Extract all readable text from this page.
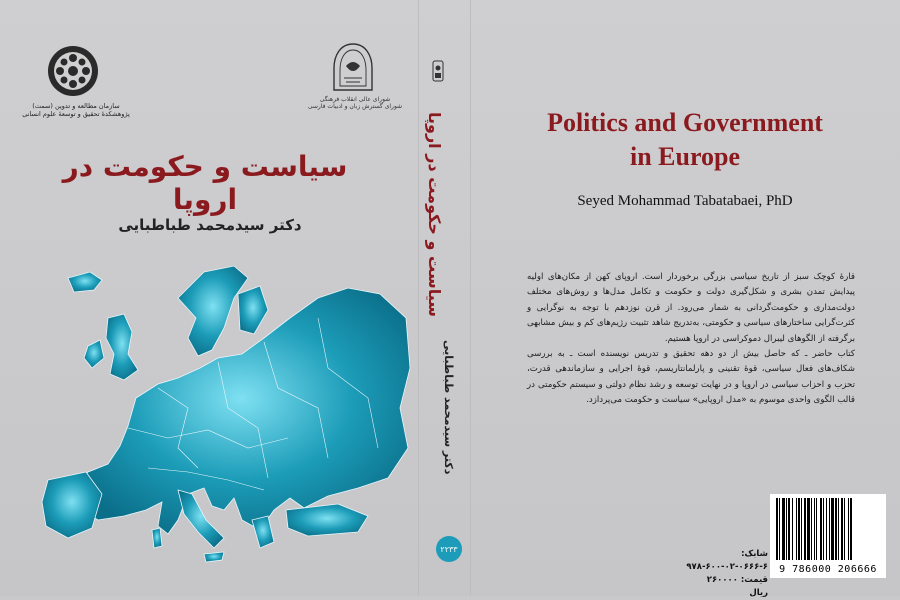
سازمان مطالعه و تدوین (سمت)
پژوهشکدهٔ تحقیق و توسعهٔ علوم انسانی
سیاست و حکومت در اروپا
دکتر سیدمحمد طباطبایی	سیاست و حکومت در اروپا
دکتر سیدمحمد طباطبایی
۲۲۳۳
شورای عالی انقلاب فرهنگی
شورای گسترش زبان و ادبیات فارسی
Politics and Government
in Europe
Seyed Mohammad Tabatabaei, PhD

قارهٔ کوچک سبز از تاریخ سیاسی بزرگی برخوردار است. اروپای کهن از مکان‌های اولیه پیدایش تمدن بشری و شکل‌گیری دولت و حکومت و تکامل مدل‌ها و روش‌های مختلف دولت‌مداری و حکومت‌گردانی به شمار می‌رود. از قرن نوزدهم با توجه به نوگرایی و کثرت‌گرایی ساختارهای سیاسی و حکومتی، به‌تدریج شاهد تثبیت رژیم‌های کم و بیش مشابهی برگرفته از الگوهای لیبرال دموکراسی در اروپا هستیم.

کتاب حاضر ـ که حاصل بیش از دو دهه تحقیق و تدریس نویسنده است ـ به بررسی شکاف‌های فعال سیاسی، قوهٔ تقنینی و پارلمانتاریسم، قوهٔ اجرایی و سازماندهی قدرت، تحزب و احزاب سیاسی در اروپا و در نهایت توسعه و رشد نظام دولتی و سیستم حکومتی در قالب الگوی واحدی موسوم به «مدل اروپایی» سیاست و حکومت می‌پردازد.

شابک: ۶-۰۶۶۶-۰۲-۶۰۰-۹۷۸
قیمت: ۲۶۰۰۰۰ ریال
9 786000 206666
